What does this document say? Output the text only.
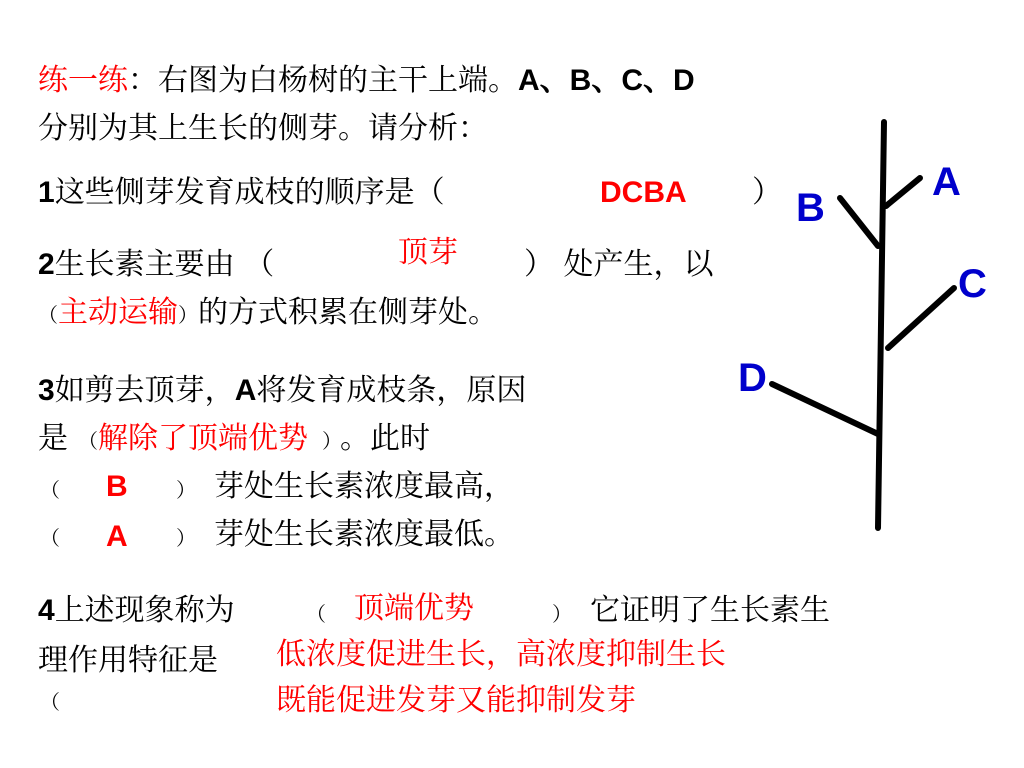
练一练：右图为白杨树的主干上端。A、B、C、D
分别为其上生长的侧芽。请分析：
1这些侧芽发育成枝的顺序是（	DCBA ）
2生长素主要由 （	顶芽 ） 处产生，以
（主动运输）的方式积累在侧芽处。
3如剪去顶芽，A将发育成枝条，原因
是 （解除了顶端优势 ） 。此时
（ B ） 芽处生长素浓度最高，
（ A ） 芽处生长素浓度最低。
4上述现象称为	（ 顶端优势	） 它证明了生长素生
理作用特征是 低浓度促进生长，高浓度抑制生长
（	既能促进发芽又能抑制发芽
A
B
C
D
